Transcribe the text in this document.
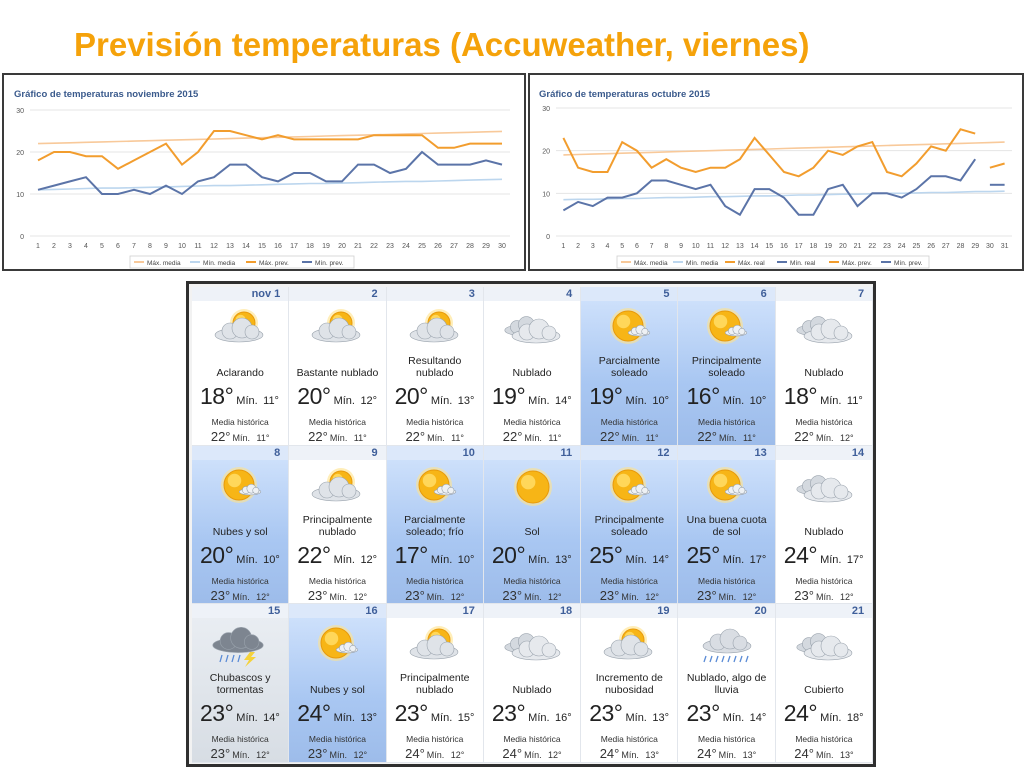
Previsión temperaturas (Accuweather, viernes)
Gráfico de temperaturas noviembre 2015
0
10
20
30
1 2 3 4 5 6 7 8 9 10 11 12 13 14 15 16 17 18 19 20 21 22 23 24 25 26 27 28 29 30
Máx. media	Mín. media	Máx. prev.	Mín. prev.
Gráfico de temperaturas octubre 2015
0
10
20
30
1 2 3 4 5 6 7 8 9 10 11 12 13 14 15 16 17 18 19 20 21 22 23 24 25 26 27 28 29 30 31
Máx. media	Mín. media	Máx. real	Mín. real	Máx. prev.	Mín. prev.
nov 1
Aclarando
18° Mín. 11°
Media histórica
22° Mín. 11°
2
Bastante nublado
20° Mín. 12°
Media histórica
22° Mín. 11°
3
Resultando nublado
20° Mín. 13°
Media histórica
22° Mín. 11°
4
Nublado
19° Mín. 14°
Media histórica
22° Mín. 11°
5
Parcialmente soleado
19° Mín. 10°
Media histórica
22° Mín. 11°
6
Principalmente soleado
16° Mín. 10°
Media histórica
22° Mín. 11°
7
Nublado
18° Mín. 11°
Media histórica
22° Mín. 12°
8
Nubes y sol
20° Mín. 10°
Media histórica
23° Mín. 12°
9
Principalmente nublado
22° Mín. 12°
Media histórica
23° Mín. 12°
10
Parcialmente soleado; frío
17° Mín. 10°
Media histórica
23° Mín. 12°
11
Sol
20° Mín. 13°
Media histórica
23° Mín. 12°
12
Principalmente soleado
25° Mín. 14°
Media histórica
23° Mín. 12°
13
Una buena cuota de sol
25° Mín. 17°
Media histórica
23° Mín. 12°
14
Nublado
24° Mín. 17°
Media histórica
23° Mín. 12°
15
Chubascos y tormentas
23° Mín. 14°
Media histórica
23° Mín. 12°
16
Nubes y sol
24° Mín. 13°
Media histórica
23° Mín. 12°
17
Principalmente nublado
23° Mín. 15°
Media histórica
24° Mín. 12°
18
Nublado
23° Mín. 16°
Media histórica
24° Mín. 12°
19
Incremento de nubosidad
23° Mín. 13°
Media histórica
24° Mín. 13°
20
Nublado, algo de lluvia
23° Mín. 14°
Media histórica
24° Mín. 13°
21
Cubierto
24° Mín. 18°
Media histórica
24° Mín. 13°
